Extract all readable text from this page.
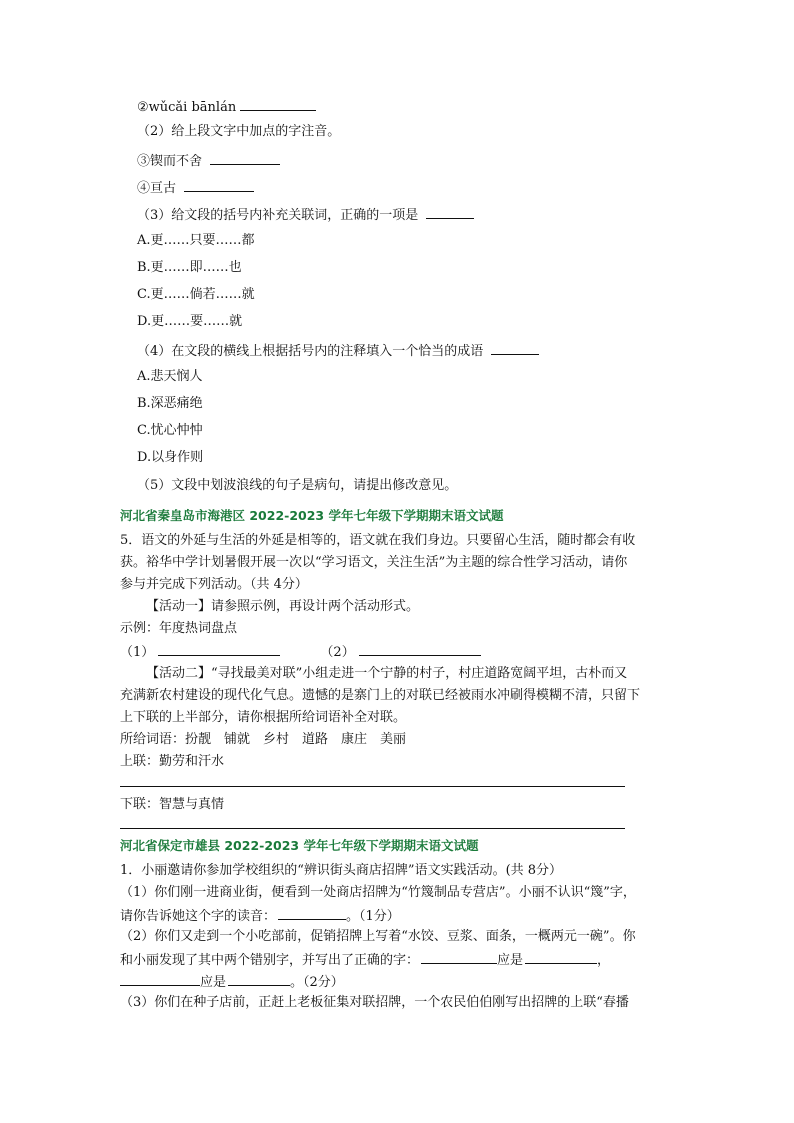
②wǔcǎi bānlán
（2）给上段文字中加点的字注音。
③锲而不舍
④亘古
（3）给文段的括号内补充关联词，正确的一项是
A.更……只要……都
B.更……即……也
C.更……倘若……就
D.更……要……就
（4）在文段的横线上根据括号内的注释填入一个恰当的成语
A.悲天悯人
B.深恶痛绝
C.忧心忡忡
D.以身作则
（5）文段中划波浪线的句子是病句，请提出修改意见。
河北省秦皇岛市海港区 2022-2023 学年七年级下学期期末语文试题
5．语文的外延与生活的外延是相等的，语文就在我们身边。只要留心生活，随时都会有收
获。裕华中学计划暑假开展一次以“学习语文，关注生活”为主题的综合性学习活动，请你
参与并完成下列活动。（共 4分）
【活动一】请参照示例，再设计两个活动形式。
示例：年度热词盘点
（1）	（2）
【活动二】“寻找最美对联”小组走进一个宁静的村子，村庄道路宽阔平坦，古朴而又
充满新农村建设的现代化气息。遗憾的是寨门上的对联已经被雨水冲刷得模糊不清，只留下
上下联的上半部分，请你根据所给词语补全对联。
所给词语：扮靓　铺就　乡村　道路　康庄　美丽
上联：勤劳和汗水
下联：智慧与真情
河北省保定市雄县 2022-2023 学年七年级下学期期末语文试题
1．小丽邀请你参加学校组织的“辨识街头商店招牌”语文实践活动。(共 8分）
（1）你们刚一进商业街，便看到一处商店招牌为“竹篾制品专营店”。小丽不认识“篾”字，
请你告诉她这个字的读音：	。（1分）
（2）你们又走到一个小吃部前，促销招牌上写着“水饺、豆浆、面条，一概两元一碗”。你
和小丽发现了其中两个错别字，并写出了正确的字：	应是	，
应是	。（2分）
（3）你们在种子店前，正赶上老板征集对联招牌，一个农民伯伯刚写出招牌的上联“春播
